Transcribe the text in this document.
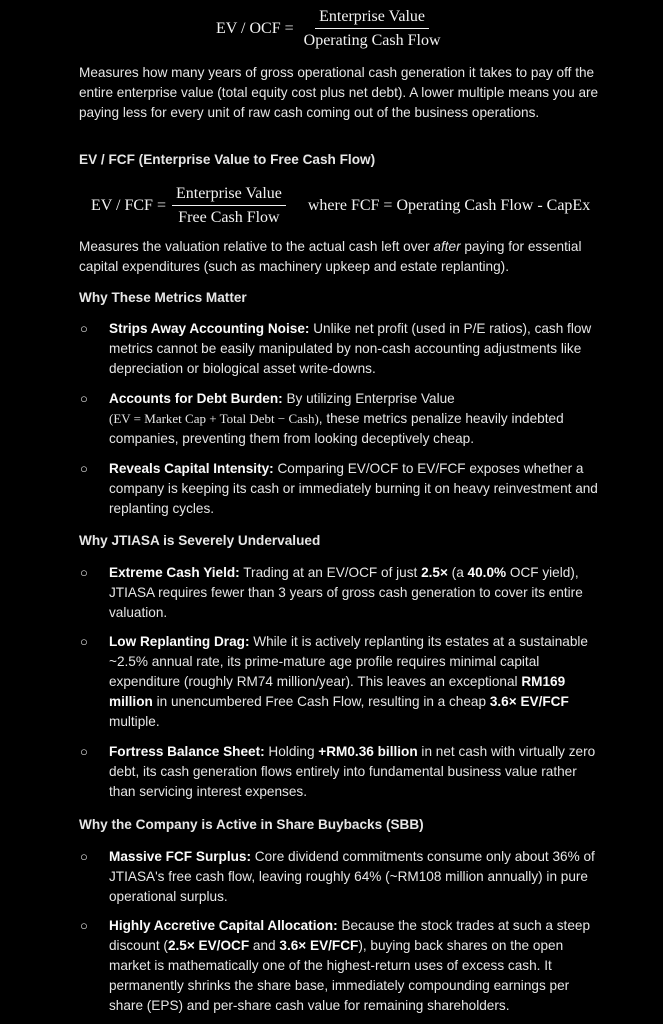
EV / OCF = $\frac{\text{Enterprise Value}}{\text{Operating Cash Flow}}$

Measures how many years of gross operational cash generation it takes to pay off the entire enterprise value (total equity cost plus net debt). A lower multiple means you are paying less for every unit of raw cash coming out of the business operations.

EV / FCF (Enterprise Value to Free Cash Flow)
EV / FCF = $\frac{\text{Enterprise Value}}{\text{Free Cash Flow}}$ where FCF = Operating Cash Flow - CapEx

Measures the valuation relative to the actual cash left over after paying for essential capital expenditures (such as machinery upkeep and estate replanting).

Why These Metrics Matter
○ Strips Away Accounting Noise: Unlike net profit (used in P/E ratios), cash flow metrics cannot be easily manipulated by non-cash accounting adjustments like depreciation or biological asset write-downs.
○ Accounts for Debt Burden: By utilizing Enterprise Value
(EV = Market Cap + Total Debt − Cash), these metrics penalize heavily indebted companies, preventing them from looking deceptively cheap.
○ Reveals Capital Intensity: Comparing EV/OCF to EV/FCF exposes whether a company is keeping its cash or immediately burning it on heavy reinvestment and replanting cycles.
Why JTIASA is Severely Undervalued
○ Extreme Cash Yield: Trading at an EV/OCF of just 2.5× (a 40.0% OCF yield), JTIASA requires fewer than 3 years of gross cash generation to cover its entire valuation.
○ Low Replanting Drag: While it is actively replanting its estates at a sustainable ~2.5% annual rate, its prime-mature age profile requires minimal capital expenditure (roughly RM74 million/year). This leaves an exceptional RM169 million in unencumbered Free Cash Flow, resulting in a cheap 3.6× EV/FCF multiple.
○ Fortress Balance Sheet: Holding +RM0.36 billion in net cash with virtually zero debt, its cash generation flows entirely into fundamental business value rather than servicing interest expenses.
Why the Company is Active in Share Buybacks (SBB)
○ Massive FCF Surplus: Core dividend commitments consume only about 36% of JTIASA's free cash flow, leaving roughly 64% (~RM108 million annually) in pure operational surplus.
○ Highly Accretive Capital Allocation: Because the stock trades at such a steep discount (2.5× EV/OCF and 3.6× EV/FCF), buying back shares on the open market is mathematically one of the highest-return uses of excess cash. It permanently shrinks the share base, immediately compounding earnings per share (EPS) and per-share cash value for remaining shareholders.
